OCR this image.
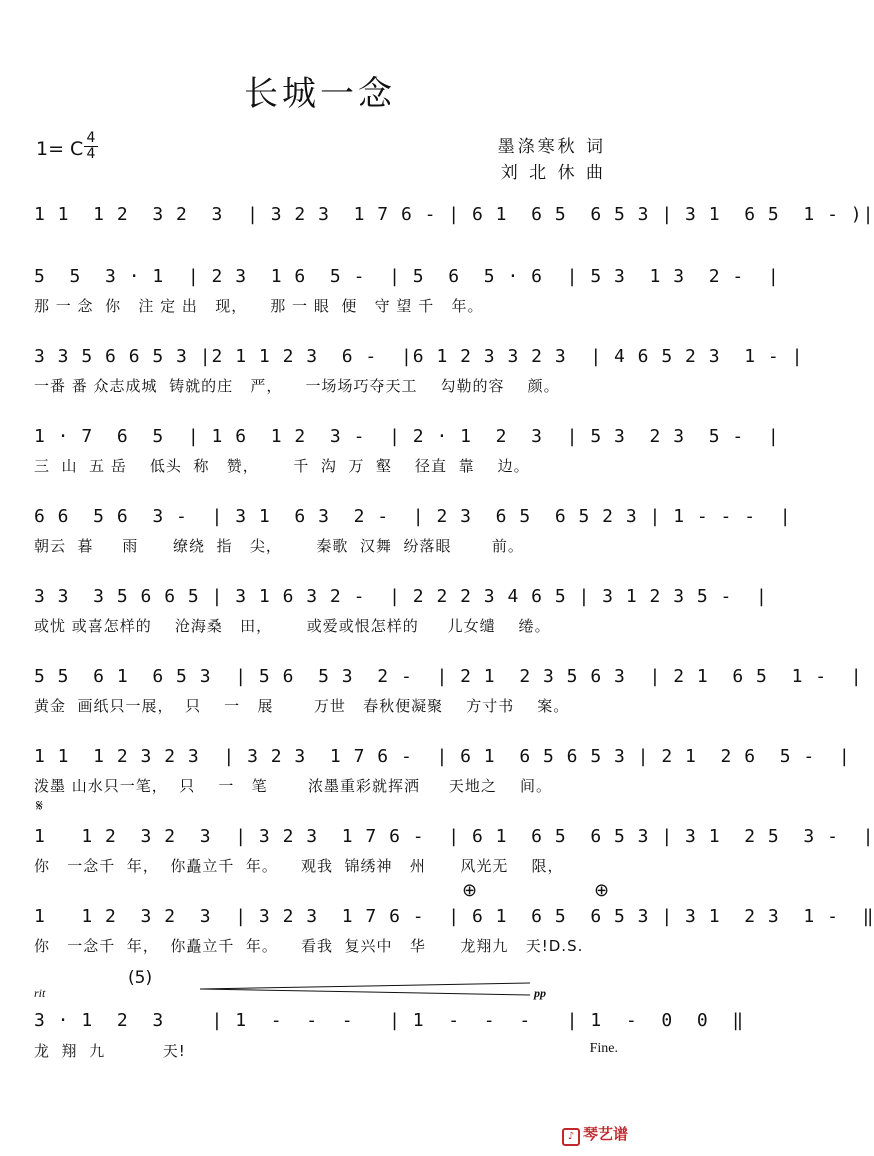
长城一念
1= C 4
4	墨涤寒秋 词
刘 北 休 曲
1 1  1 2  3 2  3  | 3 2 3  1 7 6 - | 6 1  6 5  6 5 3 | 3 1  6 5  1 - )|
5  5  3 · 1  | 2 3  1 6  5 -  | 5  6  5 · 6  | 5 3  1 3  2 -  |
那 一 念  你   注 定 出   现，    那 一 眼  便   守 望 千   年。
3 3 5 6 6 5 3 |2 1 1 2 3  6 -  |6 1 2 3 3 2 3  | 4 6 5 2 3  1 - |
一番 番 众志成城  铸就的庄   严，    一场场巧夺天工    勾勒的容    颜。
1 · 7  6  5  | 1 6  1 2  3 -  | 2 · 1  2  3  | 5 3  2 3  5 -  |
三  山  五 岳    低头  称   赞，      千  沟  万  壑    径直  靠    边。
6 6  5 6  3 -  | 3 1  6 3  2 -  | 2 3  6 5  6 5 2 3 | 1 - - -  |
朝云  暮     雨      缭绕  指   尖，      秦歌  汉舞  纷落眼       前。
3 3  3 5 6 6 5 | 3 1 6 3 2 -  | 2 2 2 3 4 6 5 | 3 1 2 3 5 -  |
或忧 或喜怎样的    沧海桑   田，      或爱或恨怎样的     儿女缱    绻。
5 5  6 1  6 5 3  | 5 6  5 3  2 -  | 2 1  2 3 5 6 3  | 2 1  6 5  1 -  |
黄金  画纸只一展，  只    一   展       万世   春秋便凝聚    方寸书    案。
1 1  1 2 3 2 3  | 3 2 3  1 7 6 -  | 6 1  6 5 6 5 3 | 2 1  2 6  5 -  |
泼墨 山水只一笔，  只    一   笔       浓墨重彩就挥洒     天地之    间。
𝄋
1   1 2  3 2  3  | 3 2 3  1 7 6 -  | 6 1  6 5  6 5 3 | 3 1  2 5  3 -  |
你   一念千  年，  你矗立千  年。    观我  锦绣神   州      风光无    限，
⊕	⊕
1   1 2  3 2  3  | 3 2 3  1 7 6 -  | 6 1  6 5  6 5 3 | 3 1  2 3  1 -  ‖
你   一念千  年，  你矗立千  年。    看我  复兴中   华      龙翔九   天!D.S.
(5)
rit	pp
3 · 1  2  3    | 1  -  -  -   | 1  -  -  -   | 1  -  0  0  ‖
龙  翔  九          天!	Fine.
♪ 琴艺谱
